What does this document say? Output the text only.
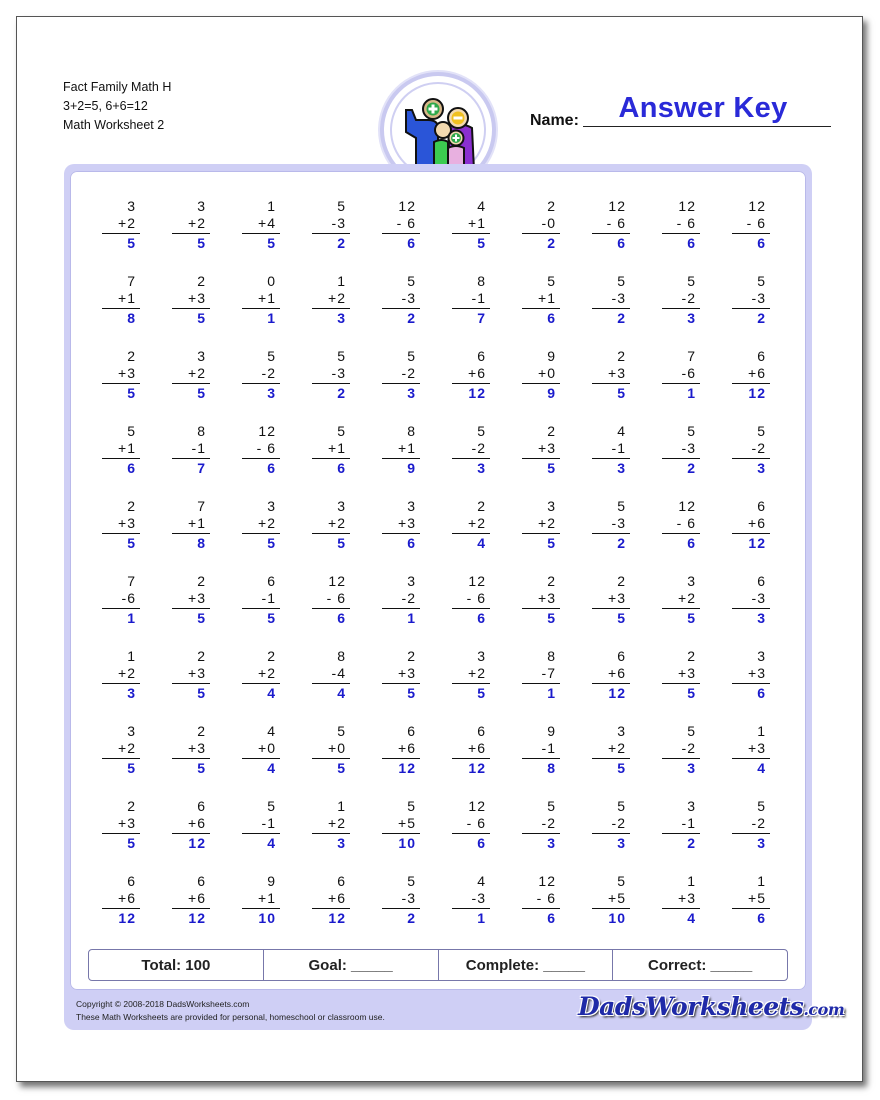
Fact Family Math H
3+2=5, 6+6=12
Math Worksheet 2
Answer Key
Name:
3
+2
5
3
+2
5
1
+4
5
5
-3
2
12
- 6
6
4
+1
5
2
-0
2
12
- 6
6
12
- 6
6
12
- 6
6
7
+1
8
2
+3
5
0
+1
1
1
+2
3
5
-3
2
8
-1
7
5
+1
6
5
-3
2
5
-2
3
5
-3
2
2
+3
5
3
+2
5
5
-2
3
5
-3
2
5
-2
3
6
+6
12
9
+0
9
2
+3
5
7
-6
1
6
+6
12
5
+1
6
8
-1
7
12
- 6
6
5
+1
6
8
+1
9
5
-2
3
2
+3
5
4
-1
3
5
-3
2
5
-2
3
2
+3
5
7
+1
8
3
+2
5
3
+2
5
3
+3
6
2
+2
4
3
+2
5
5
-3
2
12
- 6
6
6
+6
12
7
-6
1
2
+3
5
6
-1
5
12
- 6
6
3
-2
1
12
- 6
6
2
+3
5
2
+3
5
3
+2
5
6
-3
3
1
+2
3
2
+3
5
2
+2
4
8
-4
4
2
+3
5
3
+2
5
8
-7
1
6
+6
12
2
+3
5
3
+3
6
3
+2
5
2
+3
5
4
+0
4
5
+0
5
6
+6
12
6
+6
12
9
-1
8
3
+2
5
5
-2
3
1
+3
4
2
+3
5
6
+6
12
5
-1
4
1
+2
3
5
+5
10
12
- 6
6
5
-2
3
5
-2
3
3
-1
2
5
-2
3
6
+6
12
6
+6
12
9
+1
10
6
+6
12
5
-3
2
4
-3
1
12
- 6
6
5
+5
10
1
+3
4
1
+5
6
Total: 100	Goal: _____	Complete: _____	Correct: _____
Copyright © 2008-2018 DadsWorksheets.com
These Math Worksheets are provided for personal, homeschool or classroom use.	DadsWorksheets.com
